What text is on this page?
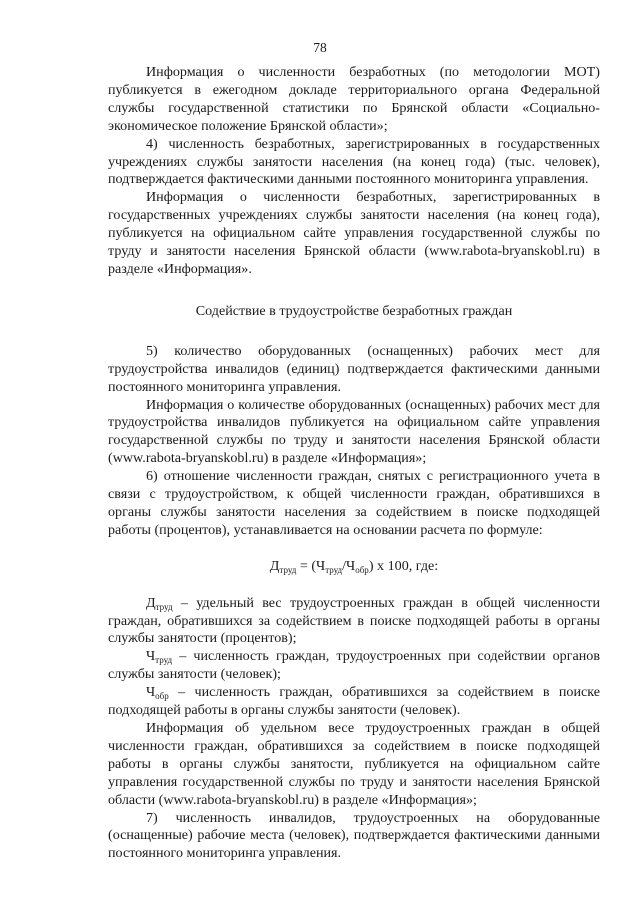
78

Информация о численности безработных (по методологии МОТ) публикуется в ежегодном докладе территориального органа Федеральной службы государственной статистики по Брянской области «Социально-экономическое положение Брянской области»;

4) численность безработных, зарегистрированных в государственных учреждениях службы занятости населения (на конец года) (тыс. человек), подтверждается фактическими данными постоянного мониторинга управления.

Информация о численности безработных, зарегистрированных в государственных учреждениях службы занятости населения (на конец года), публикуется на официальном сайте управления государственной службы по труду и занятости населения Брянской области (www.rabota-bryanskobl.ru) в разделе «Информация».

Содействие в трудоустройстве безработных граждан

5) количество оборудованных (оснащенных) рабочих мест для трудоустройства инвалидов (единиц) подтверждается фактическими данными постоянного мониторинга управления.

Информация о количестве оборудованных (оснащенных) рабочих мест для трудоустройства инвалидов публикуется на официальном сайте управления государственной службы по труду и занятости населения Брянской области (www.rabota-bryanskobl.ru) в разделе «Информация»;

6) отношение численности граждан, снятых с регистрационного учета в связи с трудоустройством, к общей численности граждан, обратившихся в органы службы занятости населения за содействием в поиске подходящей работы (процентов), устанавливается на основании расчета по формуле:

$Д_{труд} = (Ч_{труд}/Ч_{обр})$ х 100, где:

$Д_{труд}$ – удельный вес трудоустроенных граждан в общей численности граждан, обратившихся за содействием в поиске подходящей работы в органы службы занятости (процентов);

$Ч_{труд}$ – численность граждан, трудоустроенных при содействии органов службы занятости (человек);

$Ч_{обр}$ – численность граждан, обратившихся за содействием в поиске подходящей работы в органы службы занятости (человек).

Информация об удельном весе трудоустроенных граждан в общей численности граждан, обратившихся за содействием в поиске подходящей работы в органы службы занятости, публикуется на официальном сайте управления государственной службы по труду и занятости населения Брянской области (www.rabota-bryanskobl.ru) в разделе «Информация»;

7) численность инвалидов, трудоустроенных на оборудованные (оснащенные) рабочие места (человек), подтверждается фактическими данными постоянного мониторинга управления.
